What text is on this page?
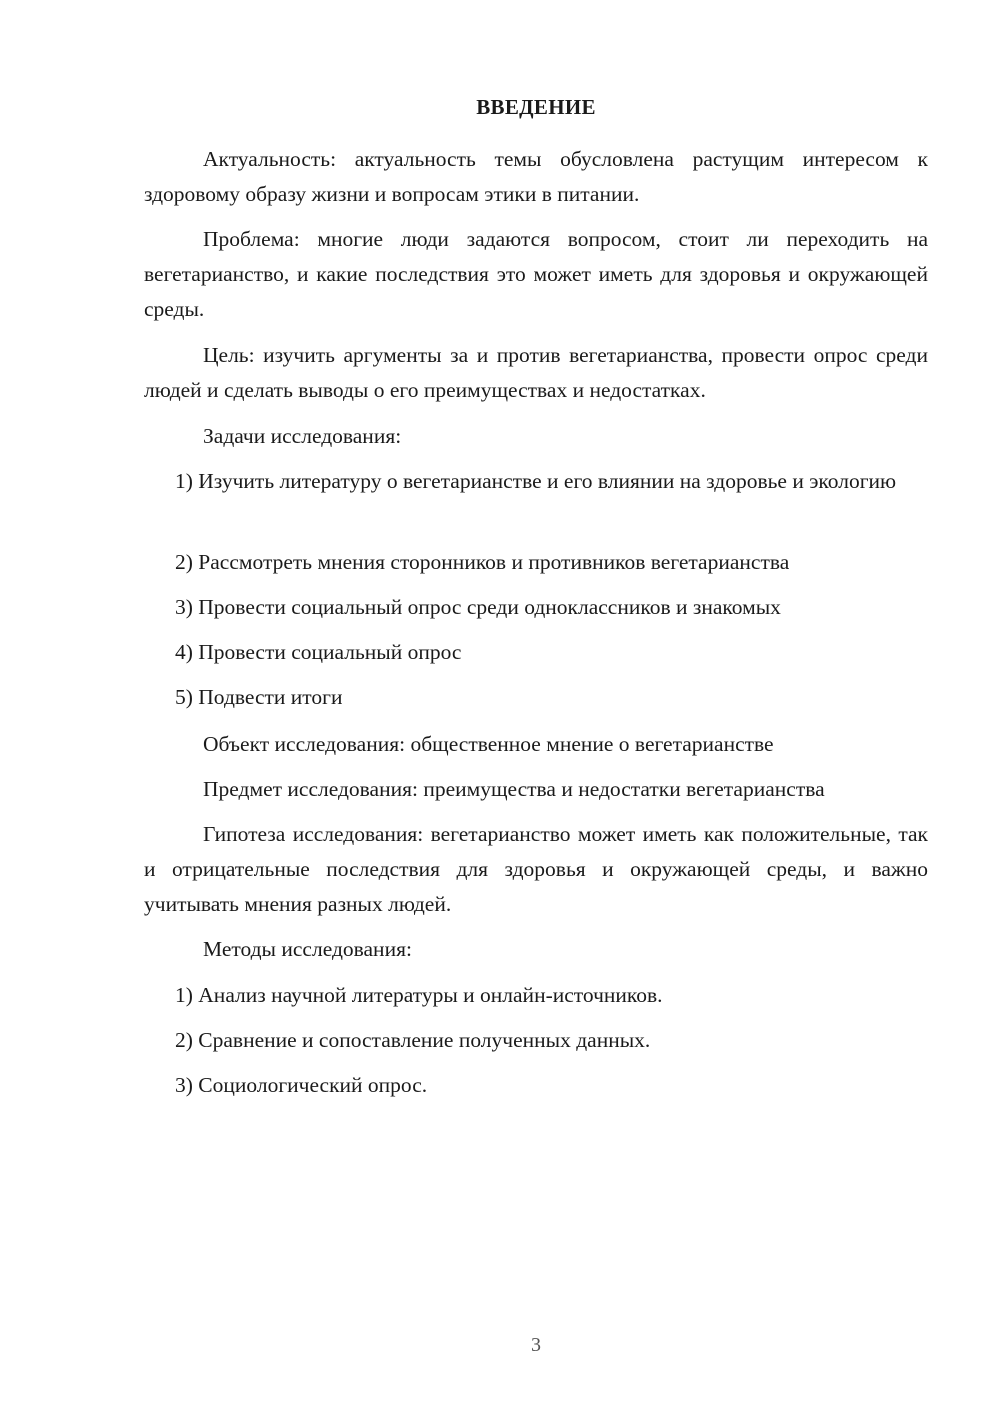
ВВЕДЕНИЕ

Актуальность: актуальность темы обусловлена растущим интересом к здоровому образу жизни и вопросам этики в питании.

Проблема: многие люди задаются вопросом, стоит ли переходить на вегетарианство, и какие последствия это может иметь для здоровья и окружающей среды.

Цель: изучить аргументы за и против вегетарианства, провести опрос среди людей и сделать выводы о его преимуществах и недостатках.

Задачи исследования:

1) Изучить литературу о вегетарианстве и его влиянии на здоровье и экологию
2) Рассмотреть мнения сторонников и противников вегетарианства
3) Провести социальный опрос среди одноклассников и знакомых
4) Провести социальный опрос
5) Подвести итоги

Объект исследования: общественное мнение о вегетарианстве

Предмет исследования: преимущества и недостатки вегетарианства

Гипотеза исследования: вегетарианство может иметь как положительные, так и отрицательные последствия для здоровья и окружающей среды, и важно учитывать мнения разных людей.

Методы исследования:

1) Анализ научной литературы и онлайн-источников.
2) Сравнение и сопоставление полученных данных.
3) Социологический опрос.
3
